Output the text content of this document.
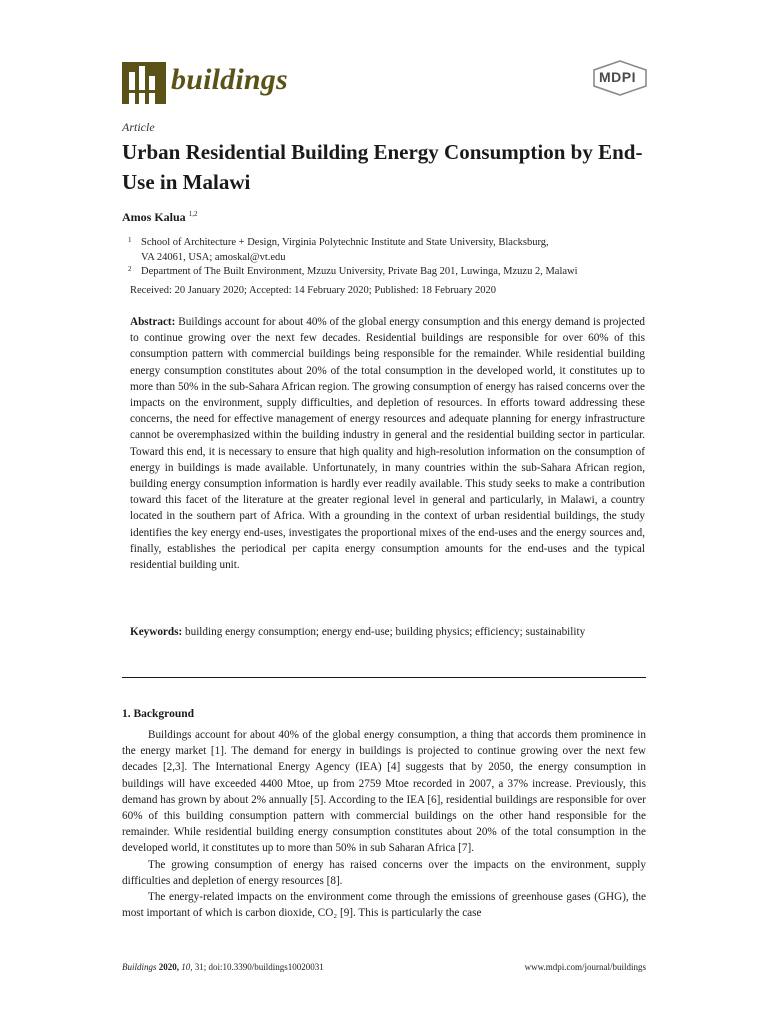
buildings	MDPI
Article
Urban Residential Building Energy Consumption by End-Use in Malawi
Amos Kalua $^{1,2}$
1 School of Architecture + Design, Virginia Polytechnic Institute and State University, Blacksburg, VA 24061, USA; amoskal@vt.edu
2 Department of The Built Environment, Mzuzu University, Private Bag 201, Luwinga, Mzuzu 2, Malawi
Received: 20 January 2020; Accepted: 14 February 2020; Published: 18 February 2020
Abstract: Buildings account for about 40% of the global energy consumption and this energy demand is projected to continue growing over the next few decades. Residential buildings are responsible for over 60% of this consumption pattern with commercial buildings being responsible for the remainder. While residential building energy consumption constitutes about 20% of the total consumption in the developed world, it constitutes up to more than 50% in the sub-Sahara African region. The growing consumption of energy has raised concerns over the impacts on the environment, supply difficulties, and depletion of resources. In efforts toward addressing these concerns, the need for effective management of energy resources and adequate planning for energy infrastructure cannot be overemphasized within the building industry in general and the residential building sector in particular. Toward this end, it is necessary to ensure that high quality and high-resolution information on the consumption of energy in buildings is made available. Unfortunately, in many countries within the sub-Sahara African region, building energy consumption information is hardly ever readily available. This study seeks to make a contribution toward this facet of the literature at the greater regional level in general and particularly, in Malawi, a country located in the southern part of Africa. With a grounding in the context of urban residential buildings, the study identifies the key energy end-uses, investigates the proportional mixes of the end-uses and the energy sources and, finally, establishes the periodical per capita energy consumption amounts for the end-uses and the typical residential building unit.
Keywords: building energy consumption; energy end-use; building physics; efficiency; sustainability
1. Background

Buildings account for about 40% of the global energy consumption, a thing that accords them prominence in the energy market [1]. The demand for energy in buildings is projected to continue growing over the next few decades [2,3]. The International Energy Agency (IEA) [4] suggests that by 2050, the energy consumption in buildings will have exceeded 4400 Mtoe, up from 2759 Mtoe recorded in 2007, a 37% increase. Previously, this demand has grown by about 2% annually [5]. According to the IEA [6], residential buildings are responsible for over 60% of this building consumption pattern with commercial buildings on the other hand responsible for the remainder. While residential building energy consumption constitutes about 20% of the total consumption in the developed world, it constitutes up to more than 50% in sub Saharan Africa [7].

The growing consumption of energy has raised concerns over the impacts on the environment, supply difficulties and depletion of energy resources [8].

The energy-related impacts on the environment come through the emissions of greenhouse gases (GHG), the most important of which is carbon dioxide, CO₂ [9]. This is particularly the case

Buildings 2020, 10, 31; doi:10.3390/buildings10020031	www.mdpi.com/journal/buildings
